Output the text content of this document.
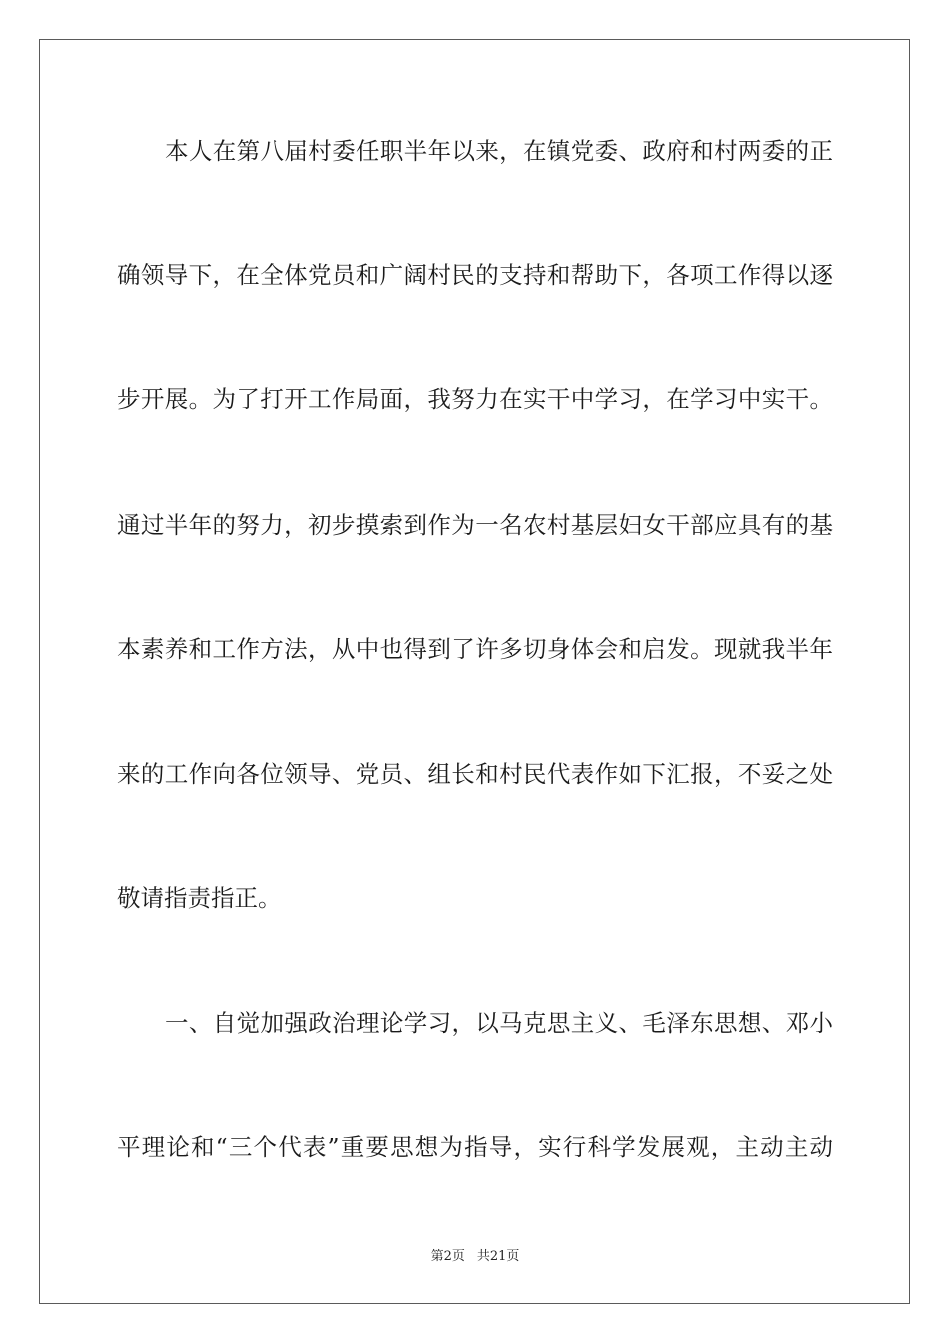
本人在第八届村委任职半年以来，在镇党委、政府和村两委的正
确领导下，在全体党员和广阔村民的支持和帮助下，各项工作得以逐
步开展。为了打开工作局面，我努力在实干中学习，在学习中实干。
通过半年的努力，初步摸索到作为一名农村基层妇女干部应具有的基
本素养和工作方法，从中也得到了许多切身体会和启发。现就我半年
来的工作向各位领导、党员、组长和村民代表作如下汇报，不妥之处
敬请指责指正。
一、自觉加强政治理论学习，以马克思主义、毛泽东思想、邓小
平理论和“三个代表”重要思想为指导，实行科学发展观，主动主动
第2页 共21页
